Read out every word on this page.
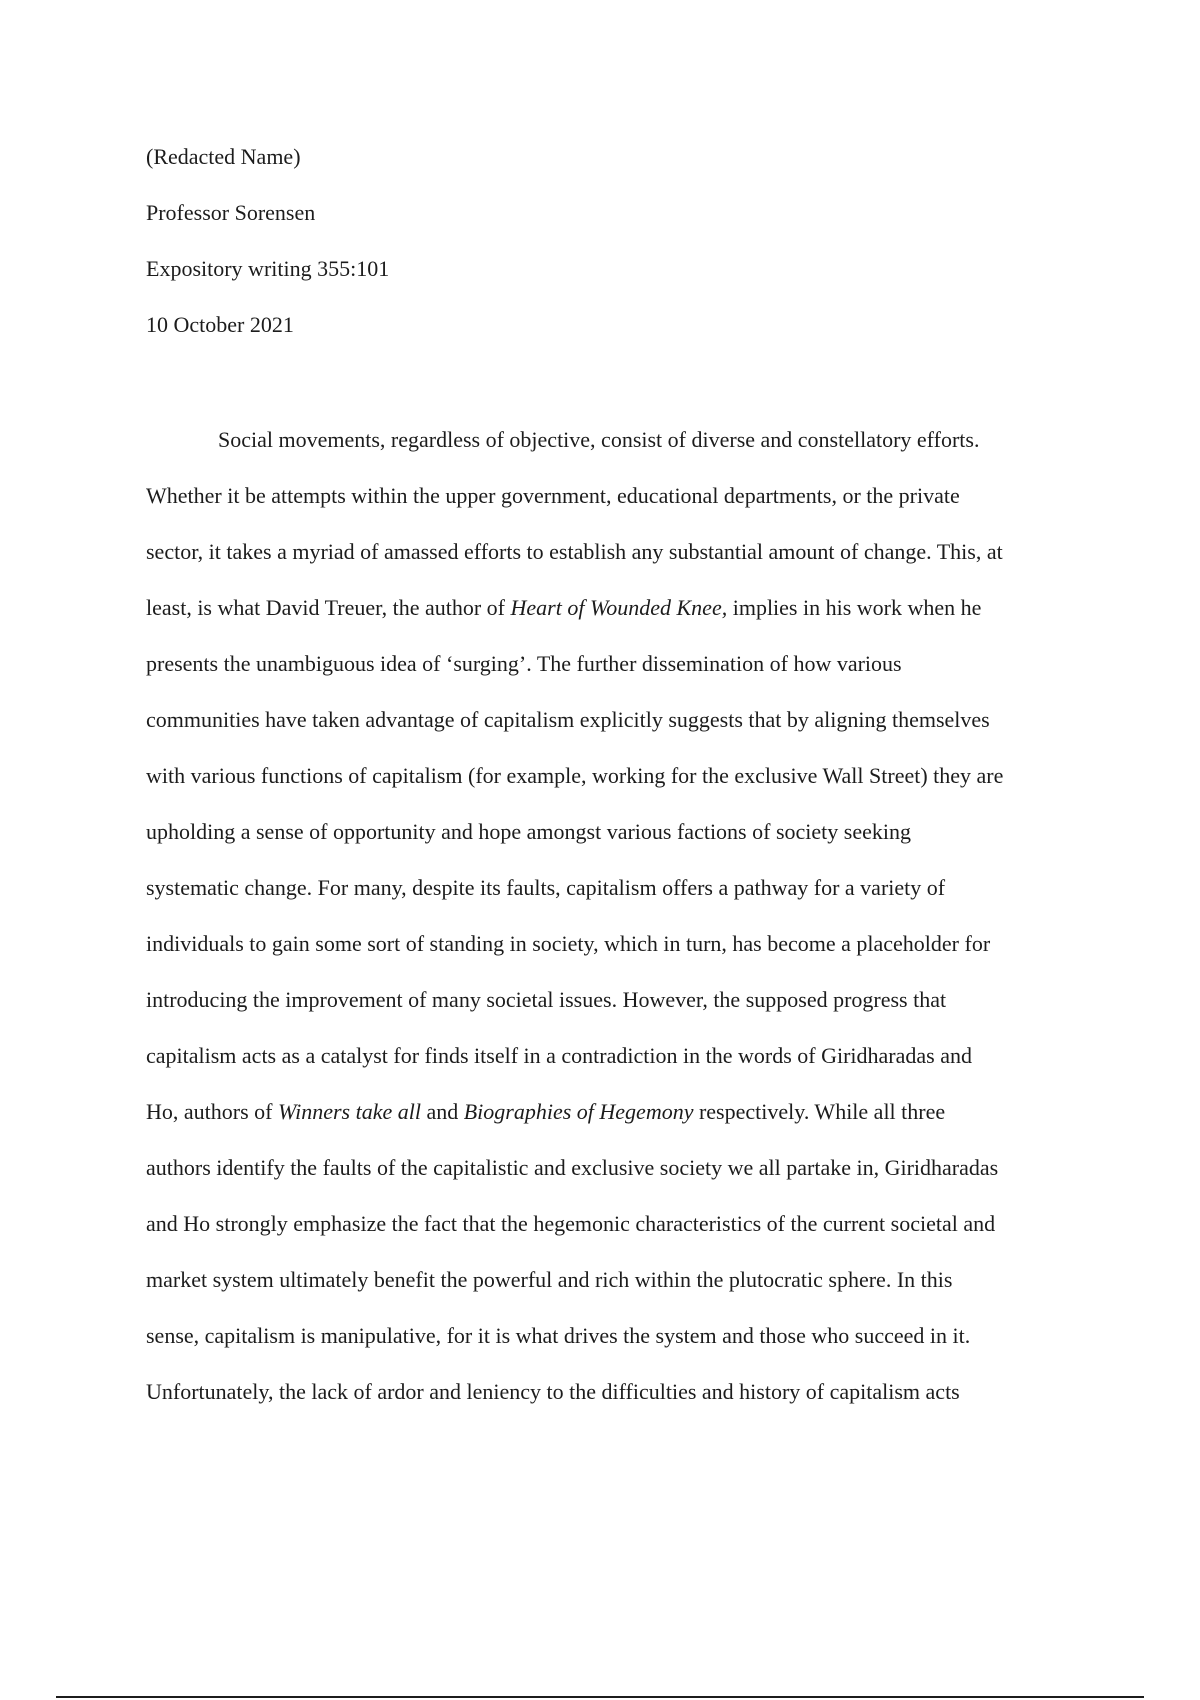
(Redacted Name)
Professor Sorensen
Expository writing 355:101
10 October 2021
Social movements, regardless of objective, consist of diverse and constellatory efforts.
Whether it be attempts within the upper government, educational departments, or the private
sector, it takes a myriad of amassed efforts to establish any substantial amount of change. This, at
least, is what David Treuer, the author of Heart of Wounded Knee, implies in his work when he
presents the unambiguous idea of ‘surging’. The further dissemination of how various
communities have taken advantage of capitalism explicitly suggests that by aligning themselves
with various functions of capitalism (for example, working for the exclusive Wall Street) they are
upholding a sense of opportunity and hope amongst various factions of society seeking
systematic change. For many, despite its faults, capitalism offers a pathway for a variety of
individuals to gain some sort of standing in society, which in turn, has become a placeholder for
introducing the improvement of many societal issues. However, the supposed progress that
capitalism acts as a catalyst for finds itself in a contradiction in the words of Giridharadas and
Ho, authors of Winners take all and Biographies of Hegemony respectively. While all three
authors identify the faults of the capitalistic and exclusive society we all partake in, Giridharadas
and Ho strongly emphasize the fact that the hegemonic characteristics of the current societal and
market system ultimately benefit the powerful and rich within the plutocratic sphere. In this
sense, capitalism is manipulative, for it is what drives the system and those who succeed in it.
Unfortunately, the lack of ardor and leniency to the difficulties and history of capitalism acts
